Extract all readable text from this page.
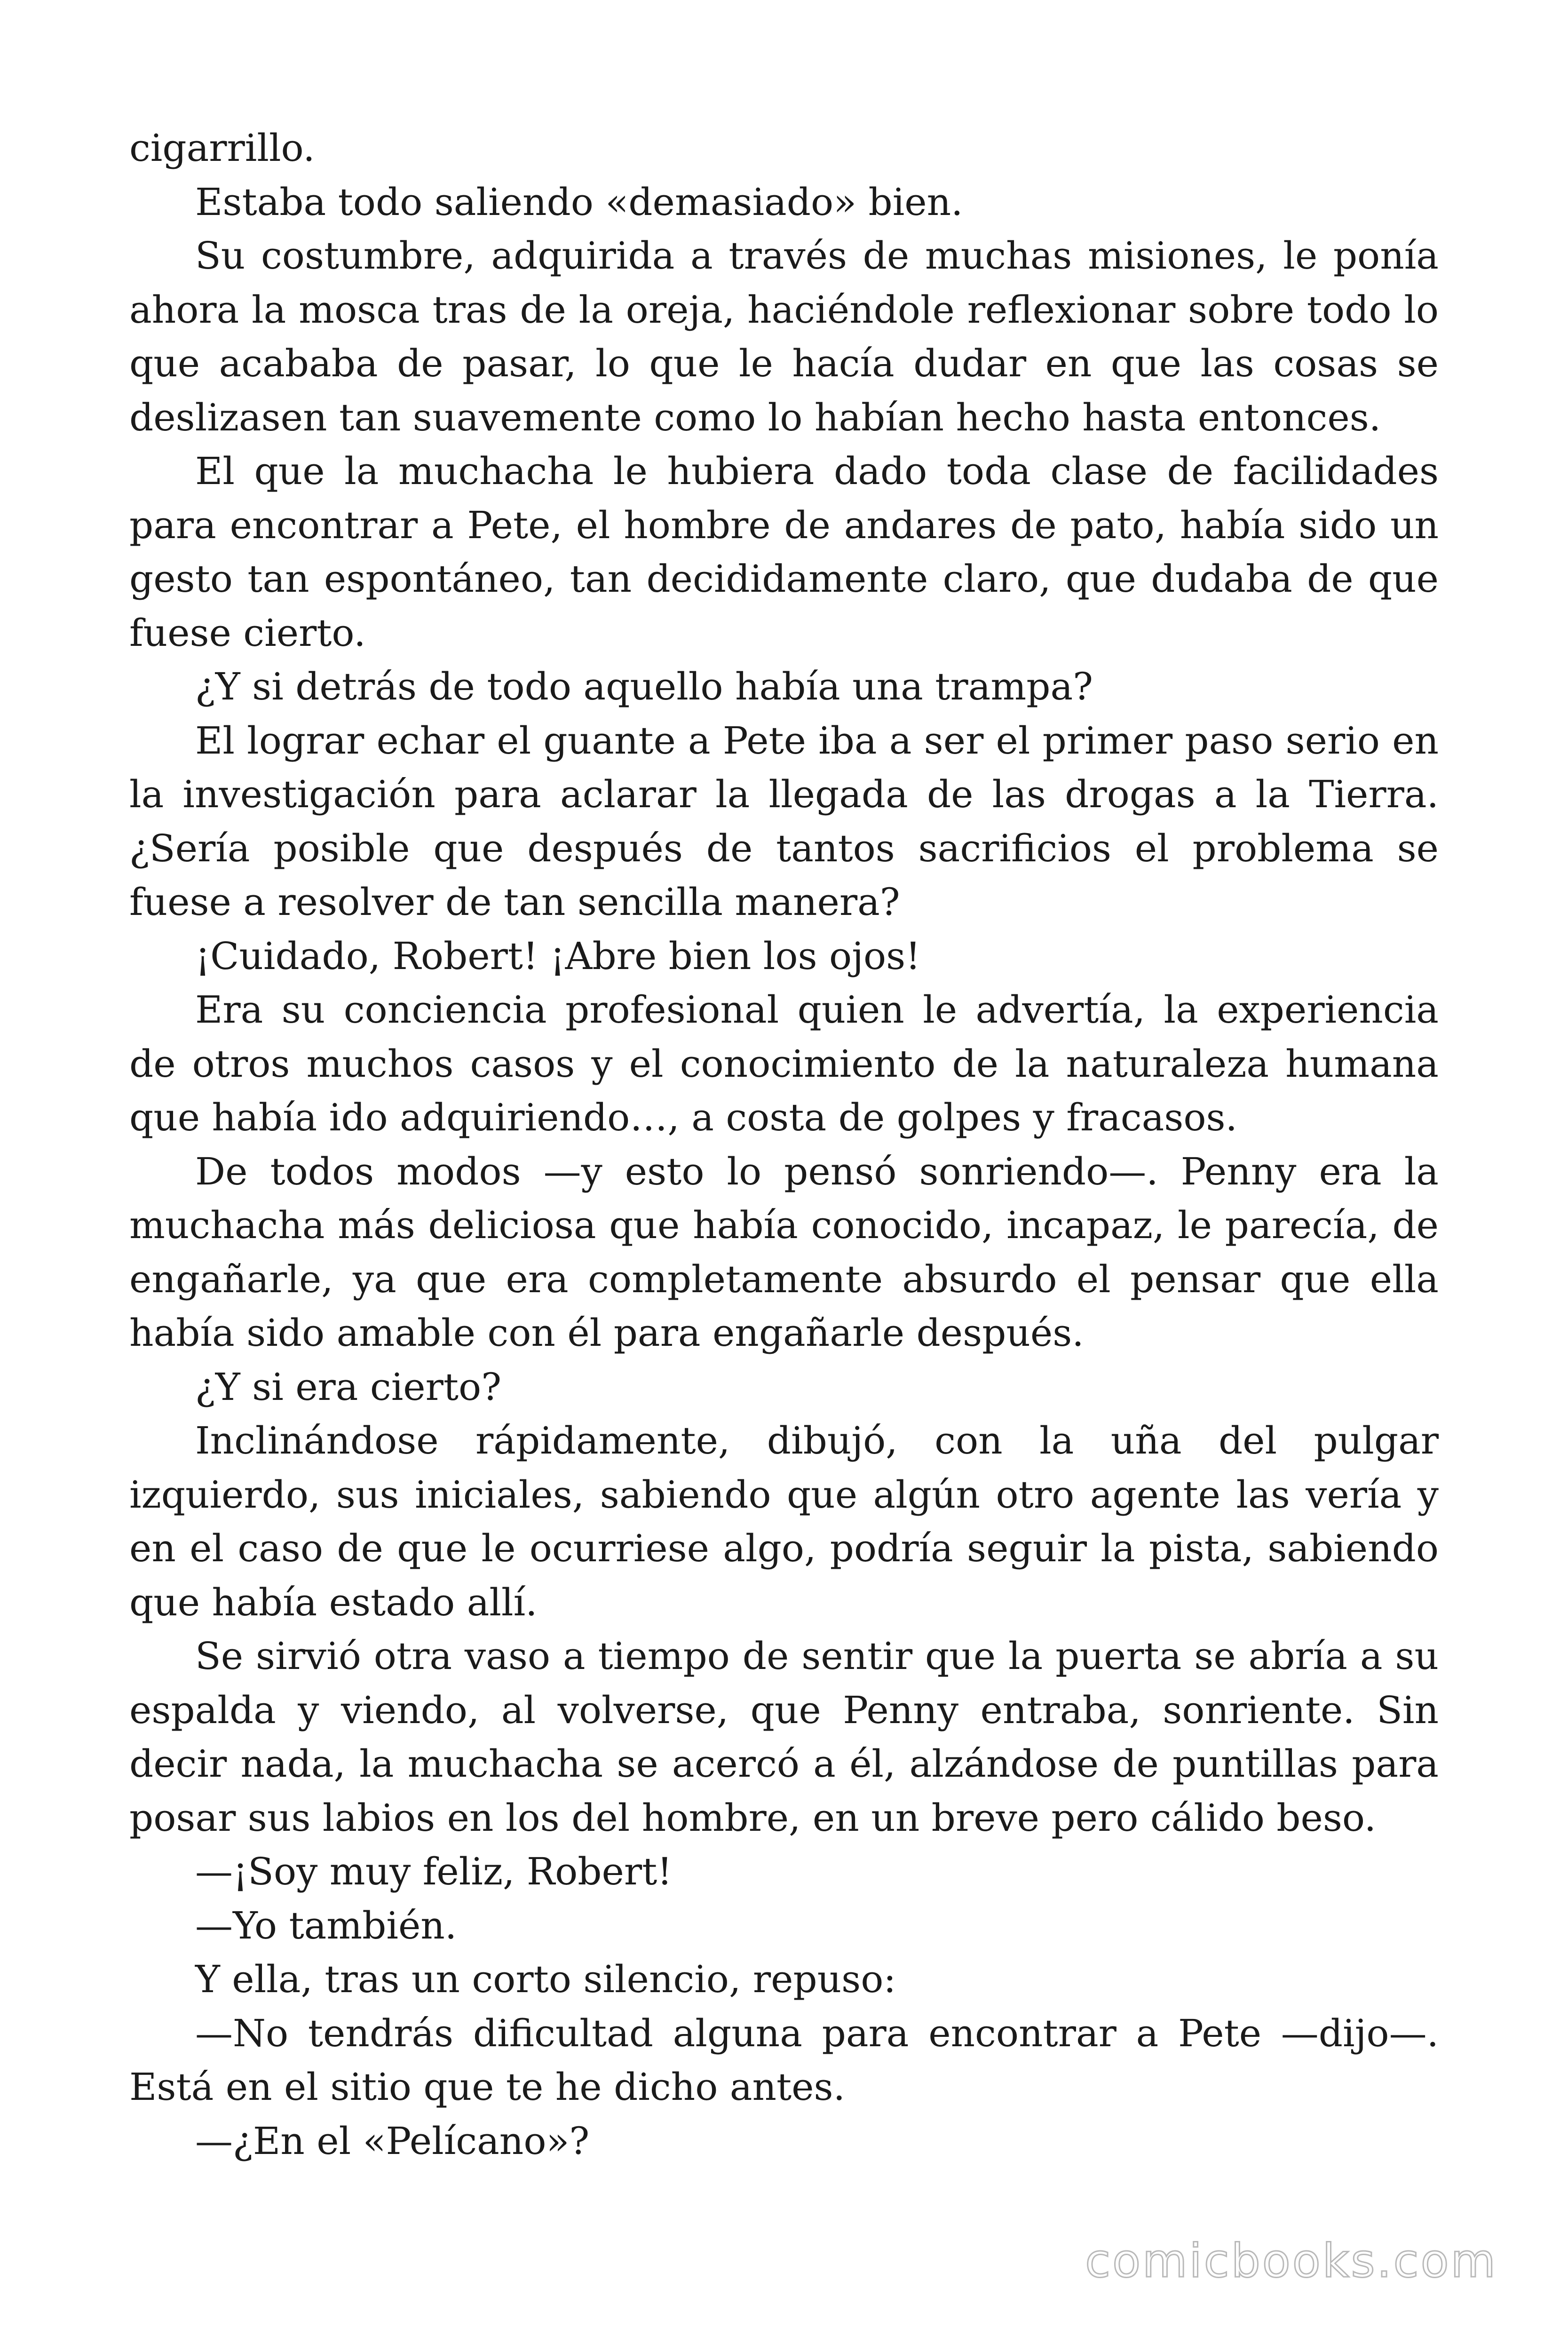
cigarrillo.

Estaba todo saliendo «demasiado» bien.

Su costumbre, adquirida a través de muchas misiones, le ponía ahora la mosca tras de la oreja, haciéndole reflexionar sobre todo lo que acababa de pasar, lo que le hacía dudar en que las cosas se deslizasen tan suavemente como lo habían hecho hasta entonces.

El que la muchacha le hubiera dado toda clase de facilidades para encontrar a Pete, el hombre de andares de pato, había sido un gesto tan espontáneo, tan decididamente claro, que dudaba de que fuese cierto.

¿Y si detrás de todo aquello había una trampa?

El lograr echar el guante a Pete iba a ser el primer paso serio en la investigación para aclarar la llegada de las drogas a la Tierra. ¿Sería posible que después de tantos sacrificios el problema se fuese a resolver de tan sencilla manera?

¡Cuidado, Robert! ¡Abre bien los ojos!

Era su conciencia profesional quien le advertía, la experiencia de otros muchos casos y el conocimiento de la naturaleza humana que había ido adquiriendo…, a costa de golpes y fracasos.

De todos modos —y esto lo pensó sonriendo—. Penny era la muchacha más deliciosa que había conocido, incapaz, le parecía, de engañarle, ya que era completamente absurdo el pensar que ella había sido amable con él para engañarle después.

¿Y si era cierto?

Inclinándose rápidamente, dibujó, con la uña del pulgar izquierdo, sus iniciales, sabiendo que algún otro agente las vería y en el caso de que le ocurriese algo, podría seguir la pista, sabiendo que había estado allí.

Se sirvió otra vaso a tiempo de sentir que la puerta se abría a su espalda y viendo, al volverse, que Penny entraba, sonriente. Sin decir nada, la muchacha se acercó a él, alzándose de puntillas para posar sus labios en los del hombre, en un breve pero cálido beso.

—¡Soy muy feliz, Robert!

—Yo también.

Y ella, tras un corto silencio, repuso:

—No tendrás dificultad alguna para encontrar a Pete —dijo—. Está en el sitio que te he dicho antes.

—¿En el «Pelícano»?

comicbooks.com
